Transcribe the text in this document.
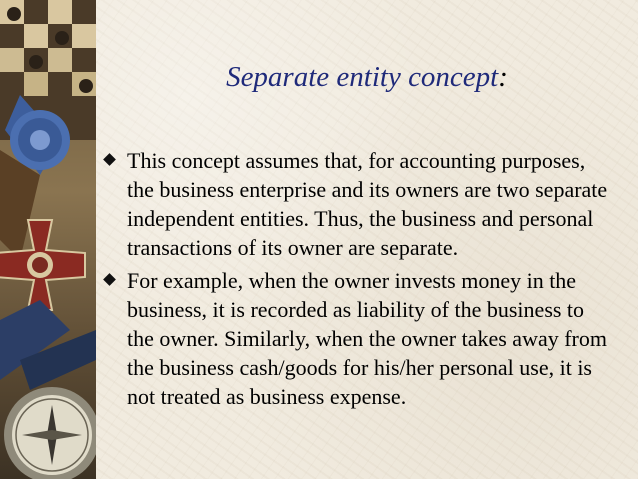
Separate entity concept:
This concept assumes that, for accounting purposes, the business enterprise and its owners are two separate independent entities. Thus, the business and personal transactions of its owner are separate.
For example, when the owner invests money in the business, it is recorded as liability of the business to the owner. Similarly, when the owner takes away from the business cash/goods for his/her personal use, it is not treated as business expense.
